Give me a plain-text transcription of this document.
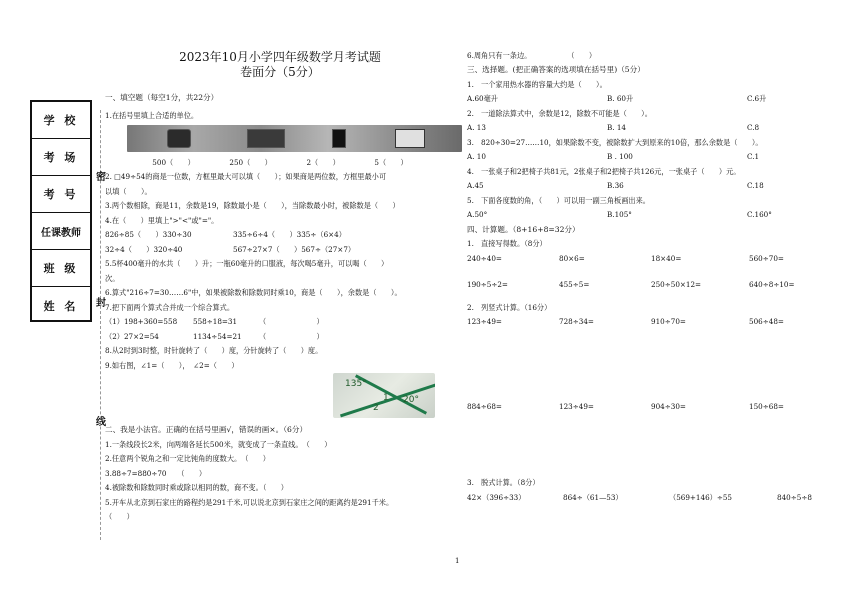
学 校
考 场
考 号
任课教师
班 级
姓 名
密
封
线
2023年10月小学四年级数学月考试题
卷面分（5分）
一、填空题（每空1分，共22分）
1.在括号里填上合适的单位。
500（　　）	250（　　）	2（　　）	5（　　）
2. □49÷54的商是一位数，方框里最大可以填（　　）；如果商是两位数，方框里最小可
以填（　　）。
3.两个数相除，商是11，余数是19，除数最小是（　　），当除数最小时，被除数是（　　）
4.在（　　）里填上">"<"或"="。
826÷85（　　）330÷30	335÷6÷4（　　）335÷（6×4）
32÷4（　　）320÷40	567÷27×7（　　）567÷（27×7）
5.5杯400毫升的水共（　　）升；一瓶60毫升的口服液，每次喝5毫升，可以喝（　　）
次。
6.算式"216÷7=30……6"中，如果被除数和除数同时乘10，商是（　　），余数是（　　）。
7.把下面两个算式合并成一个综合算式。
（1）198+360=558	558÷18=31	（　　　　　　　）
（2）27×2=54	1134÷54=21	（　　　　　　　）
8.从2时到3时整，时针旋转了（　　）度，分针旋转了（　　）度。
9.如右图，∠1=（　　），　∠2=（　　）
135°
1
2
20°
二、我是小法官。正确的在括号里画√，错误的画×。（6分）
1.一条线段长2米，向两端各延长500米，就变成了一条直线。　（　　）
2.任意两个锐角之和一定比钝角的度数大。　（　　）
3.88÷7=880÷70　　（　　）
4.被除数和除数同时乘或除以相同的数，商不变。（　　）
5.开车从北京到石家庄的路程约是291千米,可以说北京到石家庄之间的距离约是291千米。
（　　）
6.周角只有一条边。　　　　　　（　　）
三、选择题。(把正确答案的选项填在括号里)（5分）
1.　一个家用热水器的容量大约是（　　）。
A.60毫升	B. 60升	C.6升
2.　一道除法算式中，余数是12，除数不可能是（　　）。
A. 13	B. 14	C.8
3.　820÷30=27……10，如果除数不变，被除数扩大到原来的10倍，那么余数是（　　）。
A. 10	B . 100	C.1
4.　一张桌子和2把椅子共81元，2张桌子和2把椅子共126元，一张桌子（　　）元。
A.45	B.36	C.18
5.　下面各度数的角，（　　）可以用一副三角板画出来。
A.50°	B.105°	C.160°
四、计算题。（8+16+8=32分）
1.　直接写得数。（8分）
240÷40=	80×6=	18×40=	560÷70=
190÷5÷2=	455÷5=	250÷50×12=	640÷8÷10=
2.　列竖式计算。（16分）
123÷49=	728÷34=	910÷70=	506÷48=
884÷68=	123÷49=	904÷30=	150÷68=
3.　脱式计算。（8分）
42×（396÷33）	864÷（61—53）	（569+146）÷55	840÷5÷8
1
